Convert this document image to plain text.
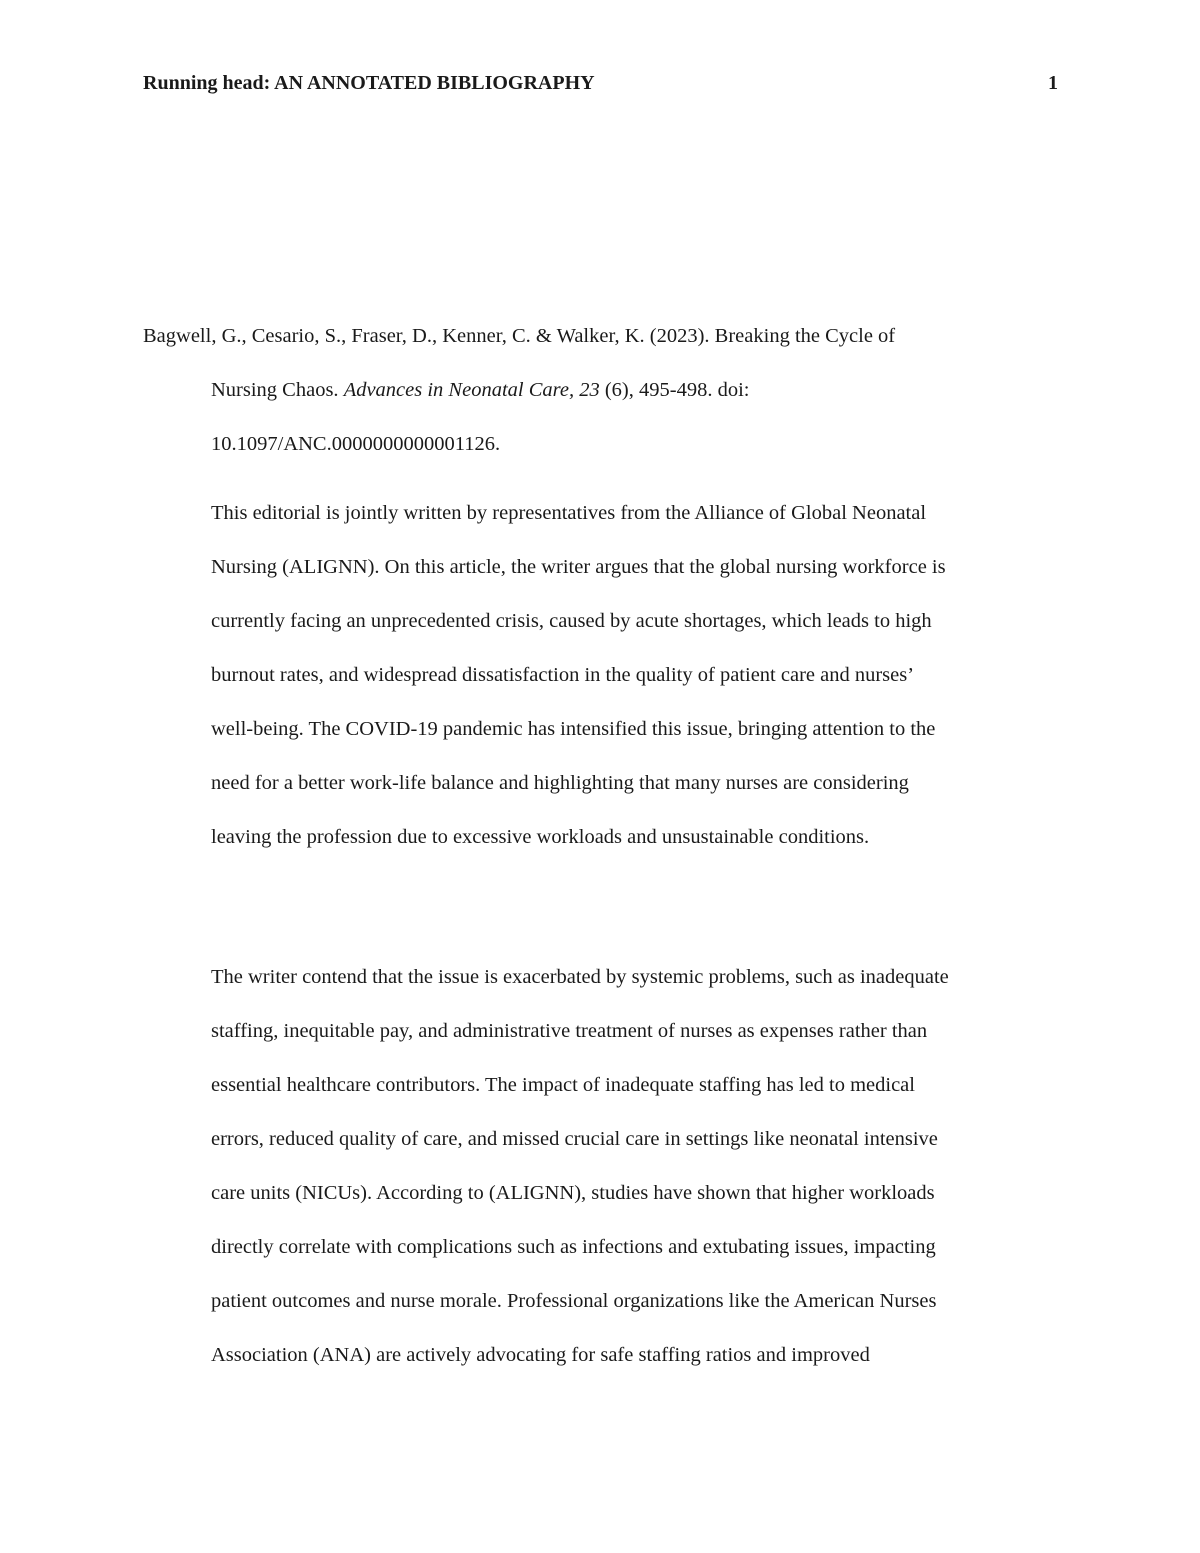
Running head: AN ANNOTATED BIBLIOGRAPHY	1
Bagwell, G., Cesario, S., Fraser, D., Kenner, C. & Walker, K. (2023). Breaking the Cycle of
Nursing Chaos. Advances in Neonatal Care, 23 (6), 495-498. doi:
10.1097/ANC.0000000000001126.
This editorial is jointly written by representatives from the Alliance of Global Neonatal
Nursing (ALIGNN). On this article, the writer argues that the global nursing workforce is
currently facing an unprecedented crisis, caused by acute shortages, which leads to high
burnout rates, and widespread dissatisfaction in the quality of patient care and nurses’
well-being. The COVID-19 pandemic has intensified this issue, bringing attention to the
need for a better work-life balance and highlighting that many nurses are considering
leaving the profession due to excessive workloads and unsustainable conditions.
The writer contend that the issue is exacerbated by systemic problems, such as inadequate
staffing, inequitable pay, and administrative treatment of nurses as expenses rather than
essential healthcare contributors. The impact of inadequate staffing has led to medical
errors, reduced quality of care, and missed crucial care in settings like neonatal intensive
care units (NICUs). According to (ALIGNN), studies have shown that higher workloads
directly correlate with complications such as infections and extubating issues, impacting
patient outcomes and nurse morale. Professional organizations like the American Nurses
Association (ANA) are actively advocating for safe staffing ratios and improved
